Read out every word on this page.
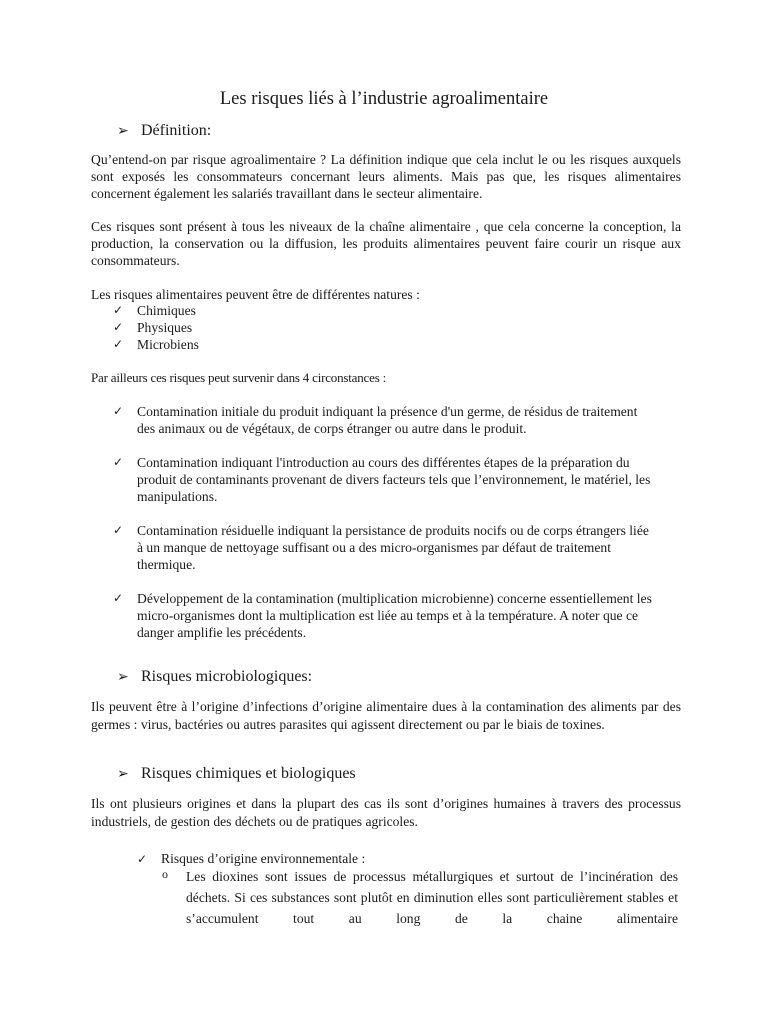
Les risques liés à l’industrie agroalimentaire
➢ Définition:
Qu’entend-on par risque agroalimentaire ? La définition indique que cela inclut le ou les risques auxquels sont exposés les consommateurs concernant leurs aliments. Mais pas que, les risques alimentaires concernent également les salariés travaillant dans le secteur alimentaire.
Ces risques sont présent à tous les niveaux de la chaîne alimentaire , que cela concerne la conception, la production, la conservation ou la diffusion, les produits alimentaires peuvent faire courir un risque aux consommateurs.
Les risques alimentaires peuvent être de différentes natures :
✓ Chimiques
✓ Physiques
✓ Microbiens
Par ailleurs ces risques peut survenir dans 4 circonstances :
✓ Contamination initiale du produit indiquant la présence d'un germe, de résidus de traitement des animaux ou de végétaux, de corps étranger ou autre dans le produit.
✓ Contamination indiquant l'introduction au cours des différentes étapes de la préparation du produit de contaminants provenant de divers facteurs tels que l’environnement, le matériel, les manipulations.
✓ Contamination résiduelle indiquant la persistance de produits nocifs ou de corps étrangers liée à un manque de nettoyage suffisant ou a des micro-organismes par défaut de traitement thermique.
✓ Développement de la contamination (multiplication microbienne) concerne essentiellement les micro-organismes dont la multiplication est liée au temps et à la température. A noter que ce danger amplifie les précédents.
➢ Risques microbiologiques:
Ils peuvent être à l’origine d’infections d’origine alimentaire dues à la contamination des aliments par des germes : virus, bactéries ou autres parasites qui agissent directement ou par le biais de toxines.
➢ Risques chimiques et biologiques
Ils ont plusieurs origines et dans la plupart des cas ils sont d’origines humaines à travers des processus industriels, de gestion des déchets ou de pratiques agricoles.
✓ Risques d’origine environnementale :
o Les dioxines sont issues de processus métallurgiques et surtout de l’incinération des déchets. Si ces substances sont plutôt en diminution elles sont particulièrement stables et s’accumulent tout au long de la chaine alimentaire
